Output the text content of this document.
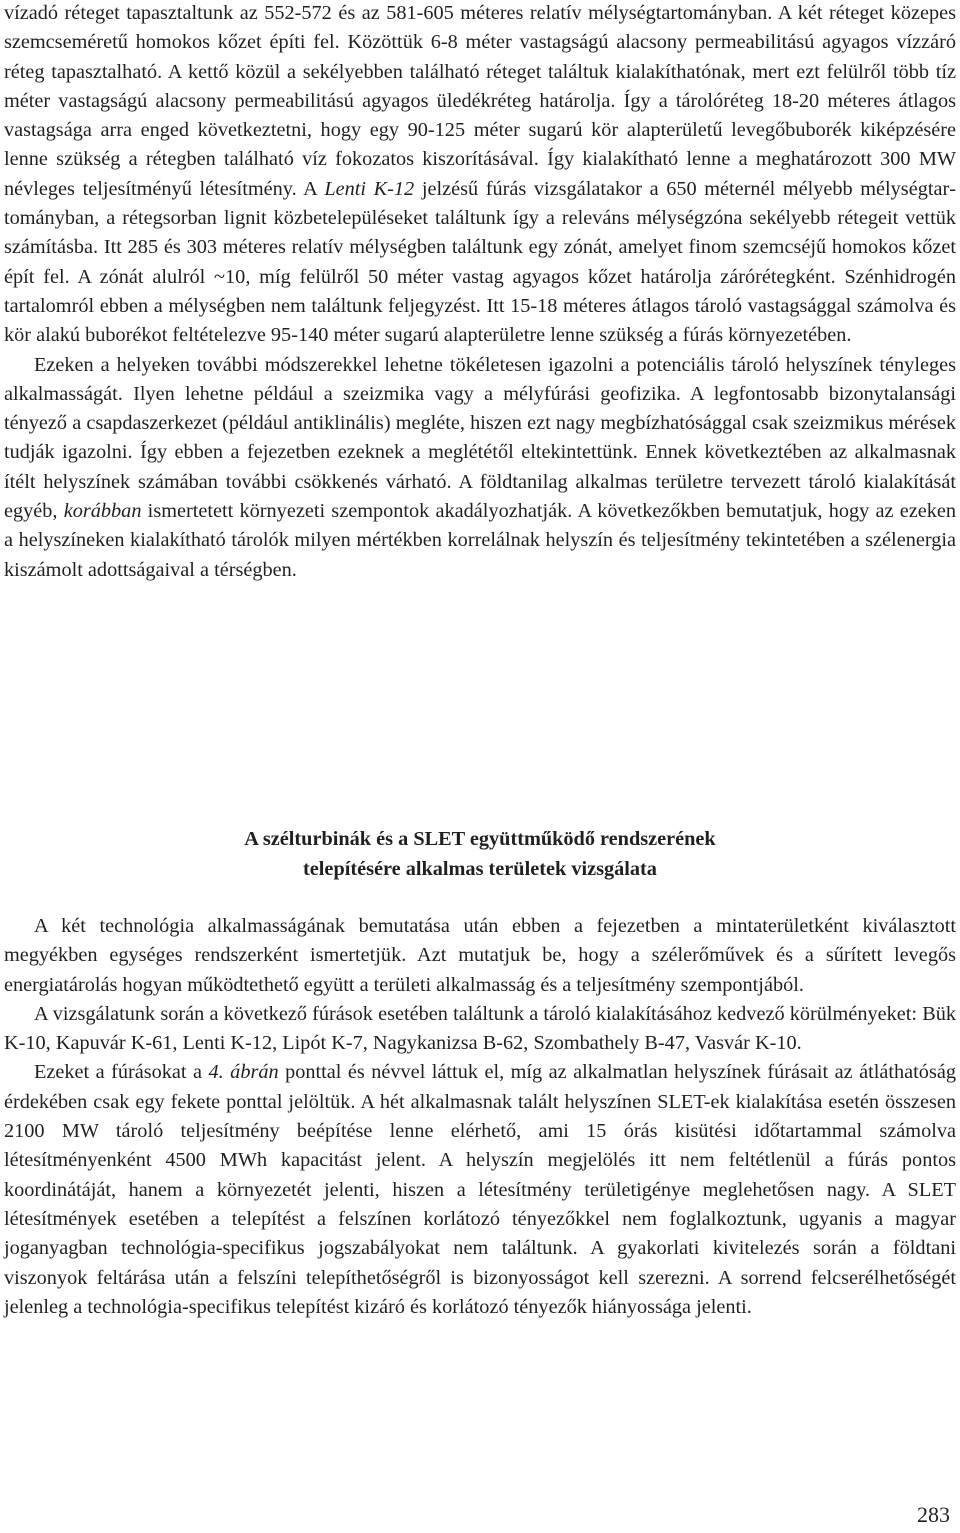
vízadó réteget tapasztaltunk az 552-572 és az 581-605 méteres relatív mélységtartományban. A két réteget közepes szemcseméretű homokos kőzet építi fel. Közöttük 6-8 méter vastagságú alacsony permeabilitású agyagos vízzáró réteg tapasztalható. A kettő közül a sekélyebben található réteget találtuk kialakíthatónak, mert ezt felülről több tíz méter vastagságú alacsony permeabilitású agyagos üledékréteg határolja. Így a tárolóréteg 18-20 méteres átlagos vastagsága arra enged következtetni, hogy egy 90-125 méter sugarú kör alapterületű levegőbuborék kiképzésére lenne szükség a rétegben található víz fokozatos kiszorításával. Így kialakítható lenne a meghatározott 300 MW névleges teljesítményű létesítmény. A Lenti K-12 jelzésű fúrás vizsgálatakor a 650 méternél mélyebb mélységtartományban, a rétegsorban lignit közbetelepüléseket találtunk így a releváns mélységzóna sekélyebb rétegeit vettük számításba. Itt 285 és 303 méteres relatív mélységben találtunk egy zónát, amelyet finom szemcséjű homokos kőzet épít fel. A zónát alulról ~10, míg felülről 50 méter vastag agyagos kőzet határolja zárórétegként. Szénhidrogén tartalomról ebben a mélységben nem találtunk feljegyzést. Itt 15-18 méteres átlagos tároló vastagsággal számolva és kör alakú buborékot feltételezve 95-140 méter sugarú alapterületre lenne szükség a fúrás környezetében.

Ezeken a helyeken további módszerekkel lehetne tökéletesen igazolni a potenciális tároló helyszínek tényleges alkalmasságát. Ilyen lehetne például a szeizmika vagy a mélyfúrási geofizika. A legfontosabb bizonytalansági tényező a csapdaszerkezet (például antiklinális) megléte, hiszen ezt nagy megbízhatósággal csak szeizmikus mérések tudják igazolni. Így ebben a fejezetben ezeknek a meglététől eltekintettünk. Ennek következtében az alkalmasnak ítélt helyszínek számában további csökkenés várható. A földtanilag alkalmas területre tervezett tároló kialakítását egyéb, korábban ismertetett környezeti szempontok akadályozhatják. A következőkben bemutatjuk, hogy az ezeken a helyszíneken kialakítható tárolók milyen mértékben korrelálnak helyszín és teljesítmény tekintetében a szélenergia kiszámolt adottságaival a térségben.

A szélturbinák és a SLET együttműködő rendszerének
telepítésére alkalmas területek vizsgálata

A két technológia alkalmasságának bemutatása után ebben a fejezetben a mintaterületként kiválasztott megyékben egységes rendszerként ismertetjük. Azt mutatjuk be, hogy a szélerőművek és a sűrített levegős energiatárolás hogyan működtethető együtt a területi alkalmasság és a teljesítmény szempontjából.

A vizsgálatunk során a következő fúrások esetében találtunk a tároló kialakításához kedvező körülményeket: Bük K-10, Kapuvár K-61, Lenti K-12, Lipót K-7, Nagykanizsa B-62, Szombathely B-47, Vasvár K-10.

Ezeket a fúrásokat a 4. ábrán ponttal és névvel láttuk el, míg az alkalmatlan helyszínek fúrásait az átláthatóság érdekében csak egy fekete ponttal jelöltük. A hét alkalmasnak talált helyszínen SLET-ek kialakítása esetén összesen 2100 MW tároló teljesítmény beépítése lenne elérhető, ami 15 órás kisütési időtartammal számolva létesítményenként 4500 MWh kapacitást jelent. A helyszín megjelölés itt nem feltétlenül a fúrás pontos koordinátáját, hanem a környezetét jelenti, hiszen a létesítmény területigénye meglehetősen nagy. A SLET létesítmények esetében a telepítést a felszínen korlátozó tényezőkkel nem foglalkoztunk, ugyanis a magyar joganyagban technológia-specifikus jogszabályokat nem találtunk. A gyakorlati kivitelezés során a földtani viszonyok feltárása után a felszíni telepíthetőségről is bizonyosságot kell szerezni. A sorrend felcserélhetőségét jelenleg a technológia-specifikus telepítést kizáró és korlátozó tényezők hiányossága jelenti.

283
